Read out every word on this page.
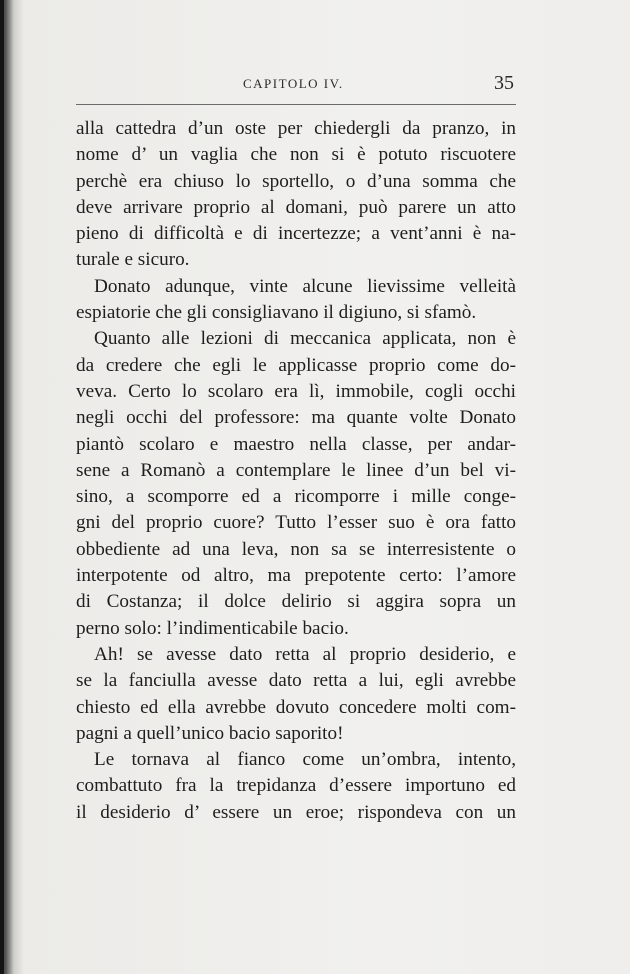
CAPITOLO IV.	35
alla cattedra d’un oste per chiedergli da pranzo, in
nome d’ un vaglia che non si è potuto riscuotere
perchè era chiuso lo sportello, o d’una somma che
deve arrivare proprio al domani, può parere un atto
pieno di difficoltà e di incertezze; a vent’anni è na-
turale e sicuro.
Donato adunque, vinte alcune lievissime velleità
espiatorie che gli consigliavano il digiuno, si sfamò.
Quanto alle lezioni di meccanica applicata, non è
da credere che egli le applicasse proprio come do-
veva. Certo lo scolaro era lì, immobile, cogli occhi
negli occhi del professore: ma quante volte Donato
piantò scolaro e maestro nella classe, per andar-
sene a Romanò a contemplare le linee d’un bel vi-
sino, a scomporre ed a ricomporre i mille conge-
gni del proprio cuore? Tutto l’esser suo è ora fatto
obbediente ad una leva, non sa se interresistente o
interpotente od altro, ma prepotente certo: l’amore
di Costanza; il dolce delirio si aggira sopra un
perno solo: l’indimenticabile bacio.
Ah! se avesse dato retta al proprio desiderio, e
se la fanciulla avesse dato retta a lui, egli avrebbe
chiesto ed ella avrebbe dovuto concedere molti com-
pagni a quell’unico bacio saporito!
Le tornava al fianco come un’ombra, intento,
combattuto fra la trepidanza d’essere importuno ed
il desiderio d’ essere un eroe; rispondeva con un
